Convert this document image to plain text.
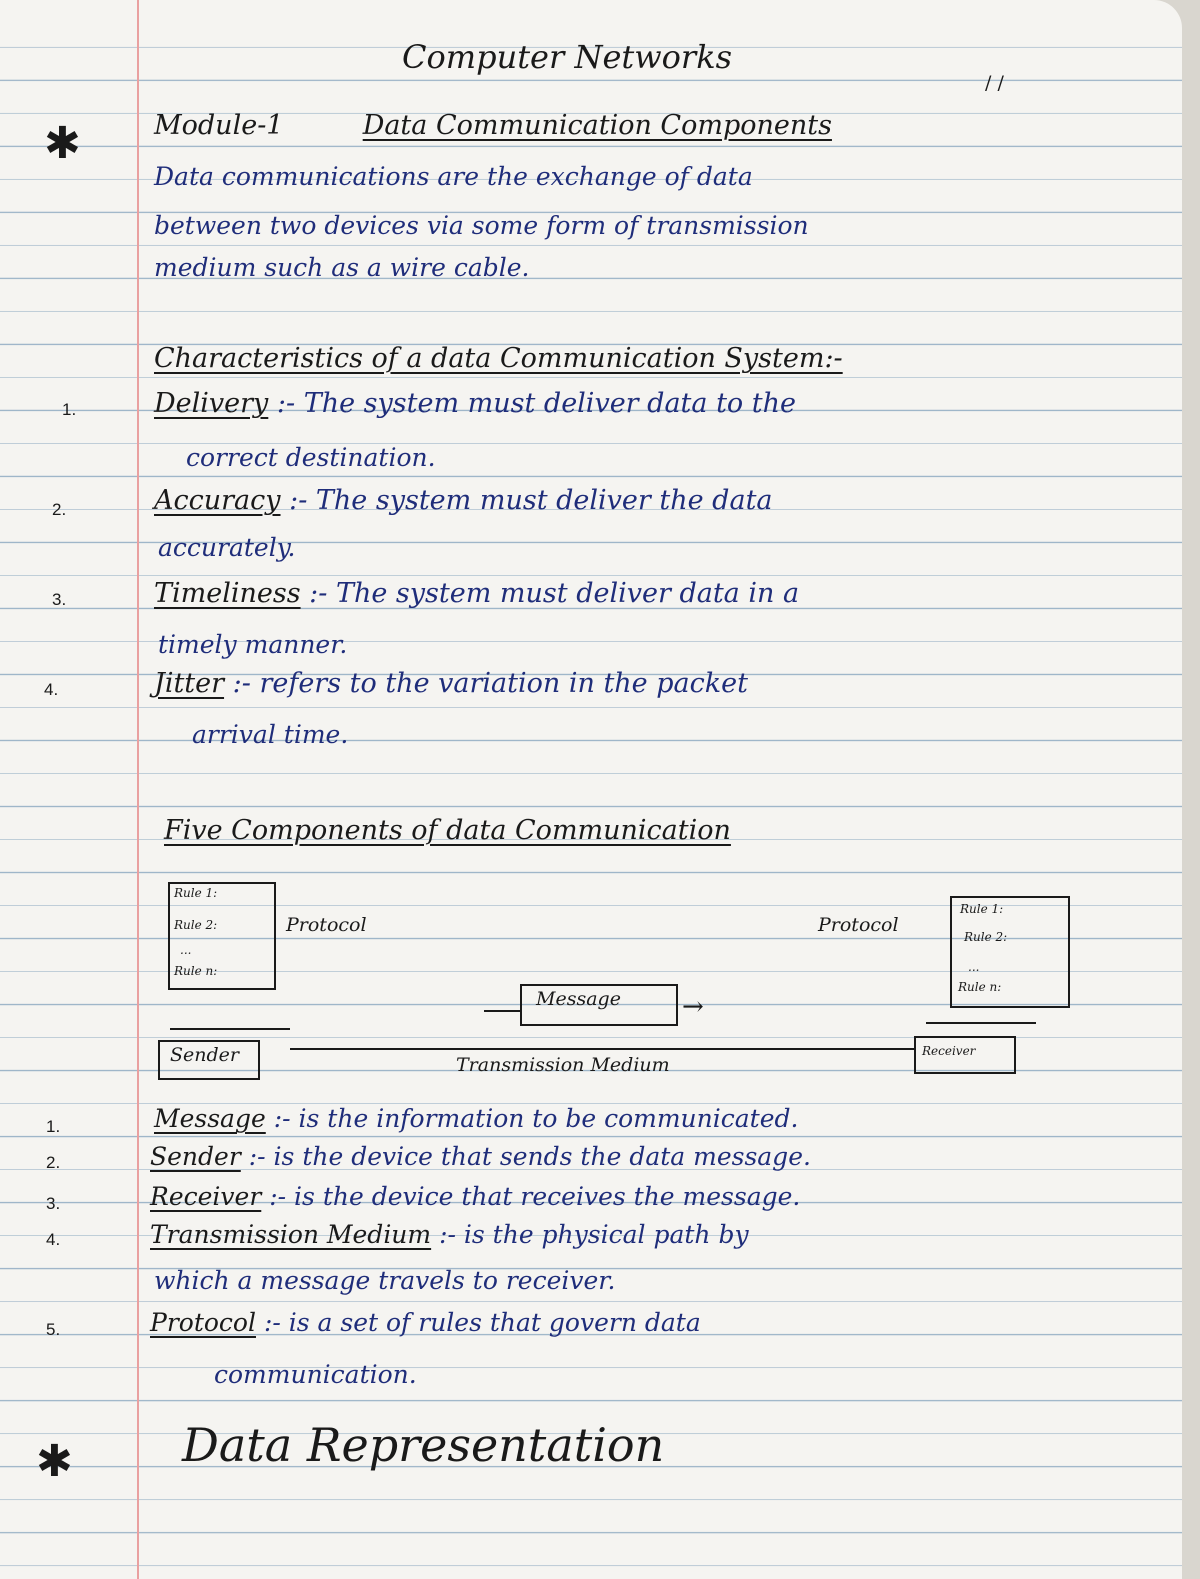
Computer Networks
/ /
✱	Module-1	Data Communication Components
Data communications are the exchange of data
between two devices via some form of transmission
medium such as a wire cable.
Characteristics of a data Communication System:-
1.	Delivery :- The system must deliver data to the
correct destination.
2.	Accuracy :- The system must deliver the data
accurately.
3.	Timeliness :- The system must deliver data in a
timely manner.
4.	Jitter :- refers to the variation in the packet
arrival time.
Five Components of data Communication
Rule 1:
Rule 2:
...
Rule n:
Protocol
Rule 1:
Rule 2:
...
Rule n:
Protocol
Message →
Sender	Transmission Medium
Receiver
1.	Message :- is the information to be communicated.
2.	Sender :- is the device that sends the data message.
3.	Receiver :- is the device that receives the message.
4.	Transmission Medium :- is the physical path by
which a message travels to receiver.
5.	Protocol :- is a set of rules that govern data
communication.
✱ Data Representation
